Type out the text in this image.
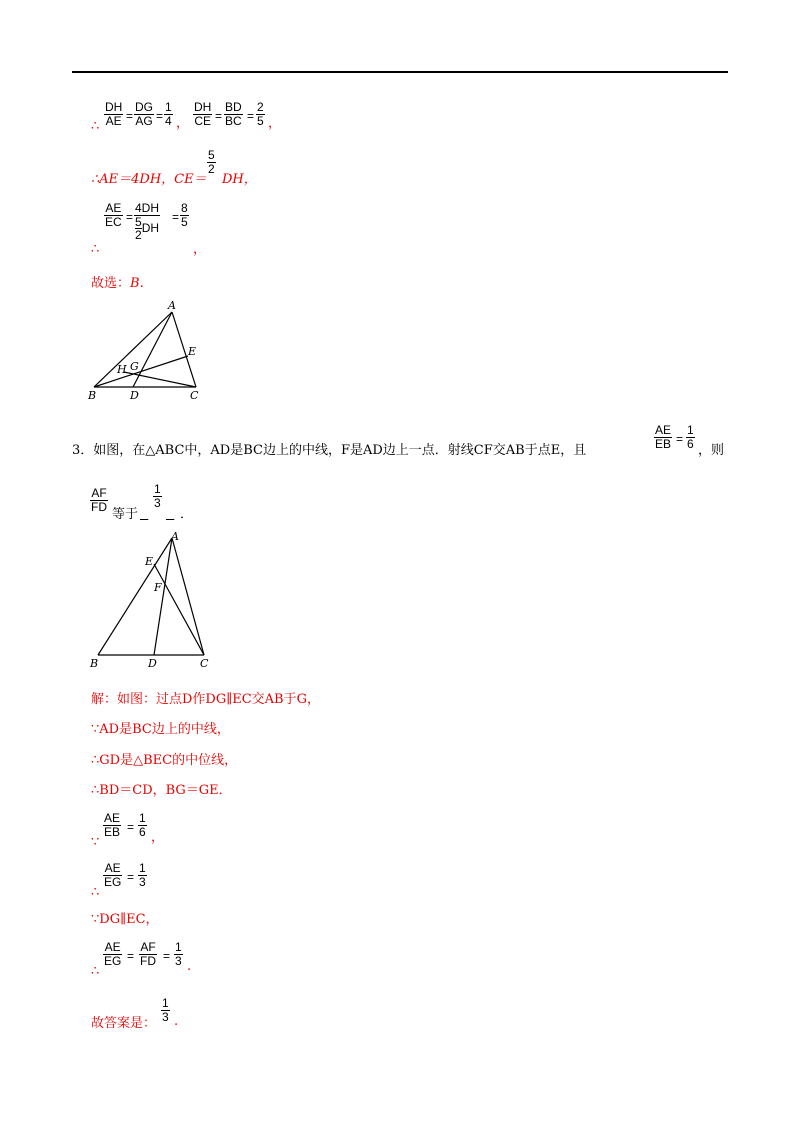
∴ $\frac{DH}{AE} = \frac{DG}{AG} = \frac{1}{4}$ ， $\frac{DH}{CE} = \frac{BD}{BC} = \frac{2}{5}$ ，
∴AE＝4DH，CE＝
$\frac{5}{2}$
DH，
∴
$\frac{AE}{EC} = \frac{4DH}{\frac{5}{2} DH} = \frac{8}{5}$
，
故选：B.
A
E
H G
B	D	C
3．如图，在△ABC中，AD是BC边上的中线，F是AD边上一点．射线CF交AB于点E，且	$\frac{AE}{EB} = \frac{1}{6}$ ，则
$\frac{AF}{FD}$
等于

$\frac{1}{3}$

．
A
E
F
B	D	C
解：如图：过点D作DG∥EC交AB于G，
∵AD是BC边上的中线，
∴GD是△BEC的中位线，
∴BD＝CD，BG＝GE．
∵
$\frac{AE}{EB} = \frac{1}{6}$ ，
∴
$\frac{AE}{EG} = \frac{1}{3}$
∵DG∥EC，
∴
$\frac{AE}{EG} = \frac{AF}{FD} = \frac{1}{3}$ .
故答案是： $\frac{1}{3}$ .
